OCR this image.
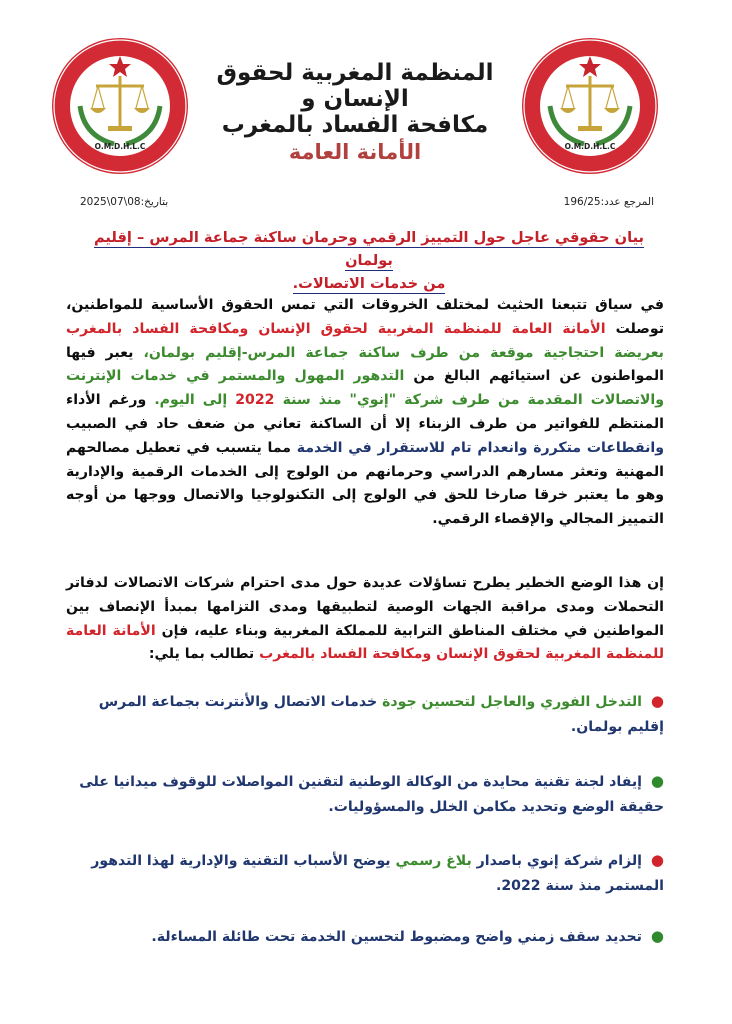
O.M.D.H.L.C	O.M.D.H.L.C
المنظمة المغربية لحقوق الإنسان و
مكافحة الفساد بالمغرب
الأمانة العامة
المرجع عدد:196/25
بتاريخ:08\07\2025
بيان حقوقي عاجل حول التمييز الرقمي وحرمان ساكنة جماعة المرس – إقليم بولمان
من خدمات الاتصالات.
في سياق تتبعنا الحثيث لمختلف الخروقات التي تمس الحقوق الأساسية للمواطنين، توصلت الأمانة العامة للمنظمة المغربية لحقوق الإنسان ومكافحة الفساد بالمغرب بعريضة احتجاجية موقعة من طرف ساكنة جماعة المرس-إقليم بولمان، يعبر فيها المواطنون عن استيائهم البالغ من التدهور المهول والمستمر في خدمات الإنترنت والاتصالات المقدمة من طرف شركة "إنوي" منذ سنة 2022 إلى اليوم. ورغم الأداء المنتظم للفواتير من طرف الزبناء إلا أن الساكنة تعاني من ضعف حاد في الصبيب وانقطاعات متكررة وانعدام تام للاستقرار في الخدمة مما يتسبب في تعطيل مصالحهم المهنية وتعثر مسارهم الدراسي وحرمانهم من الولوج إلى الخدمات الرقمية والإدارية وهو ما يعتبر خرقا صارخا للحق في الولوج إلى التكنولوجيا والاتصال ووجها من أوجه التمييز المجالي والإقصاء الرقمي.
إن هذا الوضع الخطير يطرح تساؤلات عديدة حول مدى احترام شركات الاتصالات لدفاتر التحملات ومدى مراقبة الجهات الوصية لتطبيقها ومدى التزامها بمبدأ الإنصاف بين المواطنين في مختلف المناطق الترابية للمملكة المغربية وبناء عليه، فإن الأمانة العامة للمنظمة المغربية لحقوق الإنسان ومكافحة الفساد بالمغرب تطالب بما يلي:
● التدخل الفوري والعاجل لتحسين جودة خدمات الاتصال والأنترنت بجماعة المرس إقليم بولمان.
● إيفاد لجنة تقنية محايدة من الوكالة الوطنية لتقنين المواصلات للوقوف ميدانيا على حقيقة الوضع وتحديد مكامن الخلل والمسؤوليات.
● إلزام شركة إنوي باصدار بلاغ رسمي يوضح الأسباب التقنية والإدارية لهذا التدهور المستمر منذ سنة 2022.
● تحديد سقف زمني واضح ومضبوط لتحسين الخدمة تحت طائلة المساءلة.
